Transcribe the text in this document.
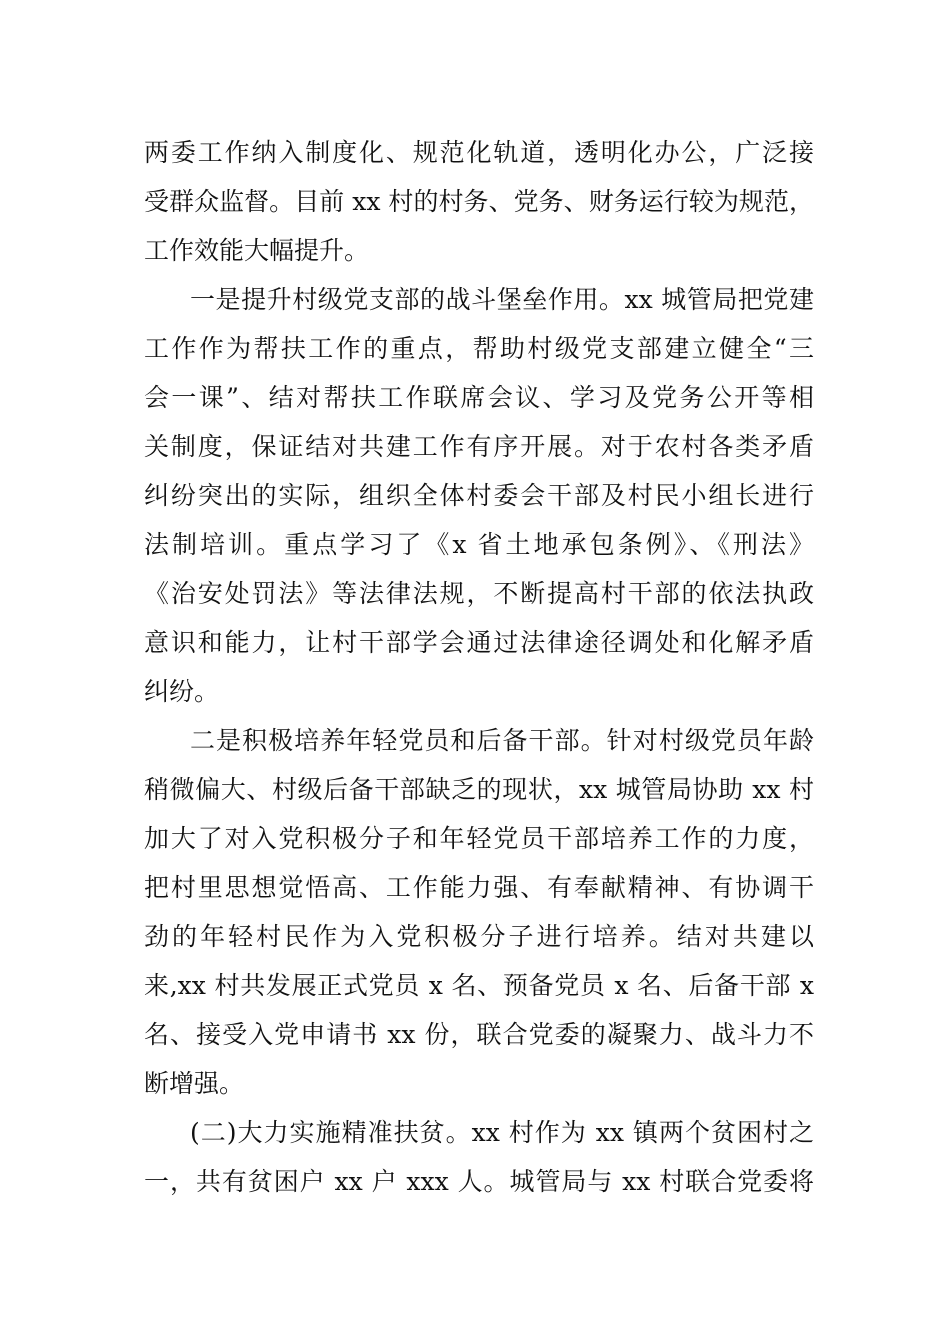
两委工作纳入制度化、规范化轨道，透明化办公，广泛接
受群众监督。目前 xx 村的村务、党务、财务运行较为规范，
工作效能大幅提升。
一是提升村级党支部的战斗堡垒作用。xx 城管局把党建
工作作为帮扶工作的重点，帮助村级党支部建立健全“三
会一课”、结对帮扶工作联席会议、学习及党务公开等相
关制度，保证结对共建工作有序开展。对于农村各类矛盾
纠纷突出的实际，组织全体村委会干部及村民小组长进行
法制培训。重点学习了《x 省土地承包条例》、《刑法》
《治安处罚法》等法律法规，不断提高村干部的依法执政
意识和能力，让村干部学会通过法律途径调处和化解矛盾
纠纷。
二是积极培养年轻党员和后备干部。针对村级党员年龄
稍微偏大、村级后备干部缺乏的现状，xx 城管局协助 xx 村
加大了对入党积极分子和年轻党员干部培养工作的力度，
把村里思想觉悟高、工作能力强、有奉献精神、有协调干
劲的年轻村民作为入党积极分子进行培养。结对共建以
来,xx 村共发展正式党员 x 名、预备党员 x 名、后备干部 x
名、接受入党申请书 xx 份，联合党委的凝聚力、战斗力不
断增强。
(二)大力实施精准扶贫。xx 村作为 xx 镇两个贫困村之
一，共有贫困户 xx 户 xxx 人。城管局与 xx 村联合党委将
